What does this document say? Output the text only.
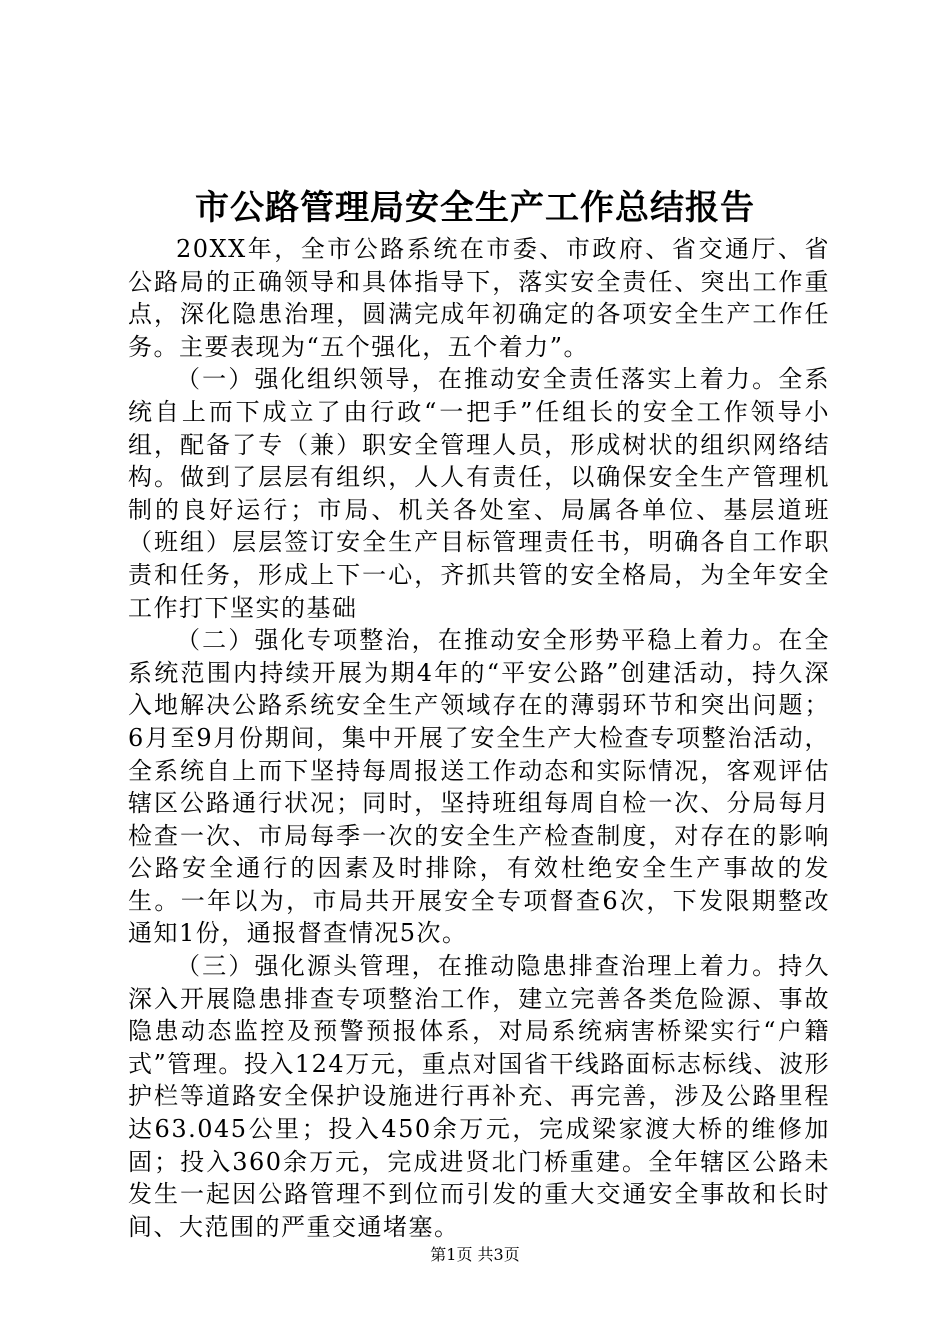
市公路管理局安全生产工作总结报告

20XX年，全市公路系统在市委、市政府、省交通厅、省公路局的正确领导和具体指导下，落实安全责任、突出工作重点，深化隐患治理，圆满完成年初确定的各项安全生产工作任务。主要表现为“五个强化，五个着力”。

（一）强化组织领导，在推动安全责任落实上着力。全系统自上而下成立了由行政“一把手”任组长的安全工作领导小组，配备了专（兼）职安全管理人员，形成树状的组织网络结构。做到了层层有组织，人人有责任，以确保安全生产管理机制的良好运行；市局、机关各处室、局属各单位、基层道班（班组）层层签订安全生产目标管理责任书，明确各自工作职责和任务，形成上下一心，齐抓共管的安全格局，为全年安全工作打下坚实的基础

（二）强化专项整治，在推动安全形势平稳上着力。在全系统范围内持续开展为期4年的“平安公路”创建活动，持久深入地解决公路系统安全生产领域存在的薄弱环节和突出问题；6月至9月份期间，集中开展了安全生产大检查专项整治活动，全系统自上而下坚持每周报送工作动态和实际情况，客观评估辖区公路通行状况；同时，坚持班组每周自检一次、分局每月检查一次、市局每季一次的安全生产检查制度，对存在的影响公路安全通行的因素及时排除，有效杜绝安全生产事故的发生。一年以为，市局共开展安全专项督查6次，下发限期整改通知1份，通报督查情况5次。

（三）强化源头管理，在推动隐患排查治理上着力。持久深入开展隐患排查专项整治工作，建立完善各类危险源、事故隐患动态监控及预警预报体系，对局系统病害桥梁实行“户籍式”管理。投入124万元，重点对国省干线路面标志标线、波形护栏等道路安全保护设施进行再补充、再完善，涉及公路里程达63.045公里；投入450余万元，完成梁家渡大桥的维修加固；投入360余万元，完成进贤北门桥重建。全年辖区公路未发生一起因公路管理不到位而引发的重大交通安全事故和长时间、大范围的严重交通堵塞。

第1页 共3页
